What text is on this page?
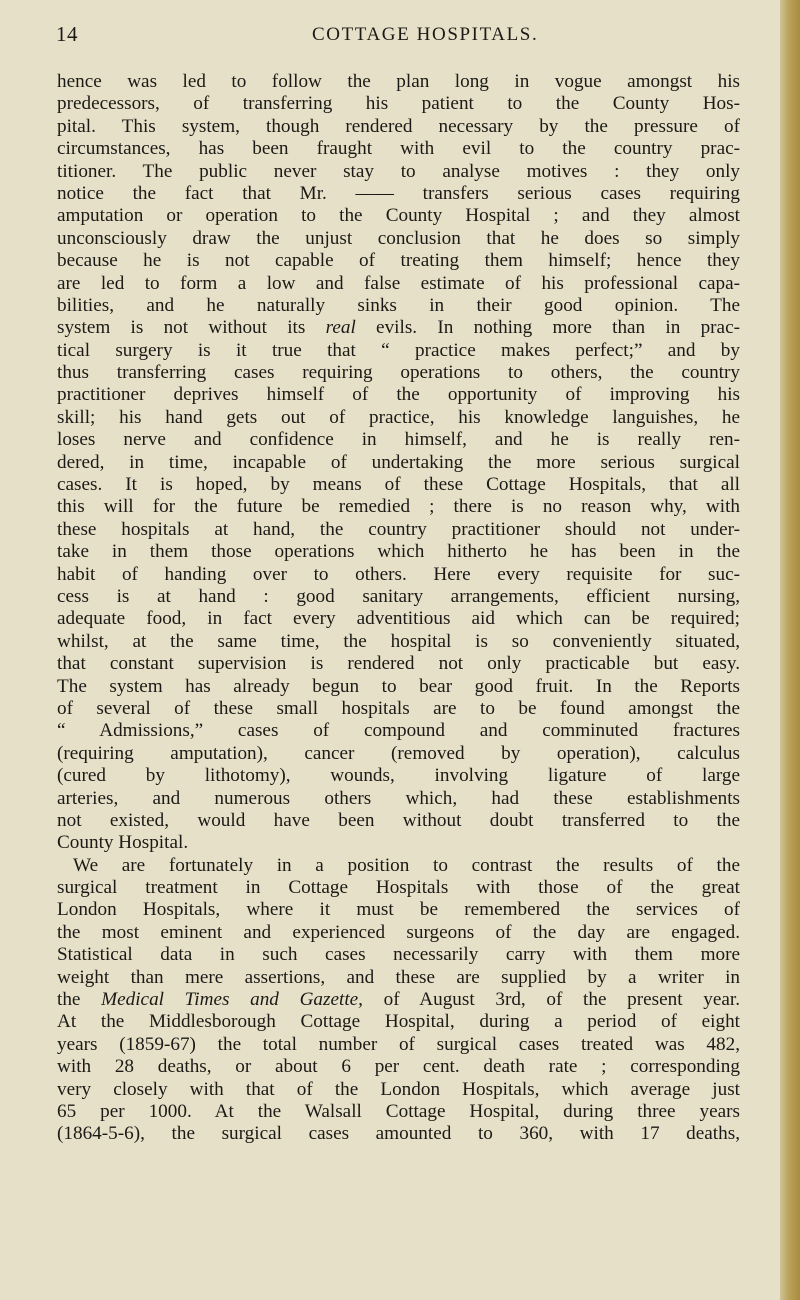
14	COTTAGE HOSPITALS.
hence was led to follow the plan long in vogue amongst his
predecessors, of transferring his patient to the County Hos-
pital. This system, though rendered necessary by the pressure of
circumstances, has been fraught with evil to the country prac-
titioner. The public never stay to analyse motives : they only
notice the fact that Mr. —— transfers serious cases requiring
amputation or operation to the County Hospital ; and they almost
unconsciously draw the unjust conclusion that he does so simply
because he is not capable of treating them himself; hence they
are led to form a low and false estimate of his professional capa-
bilities, and he naturally sinks in their good opinion. The
system is not without its real evils. In nothing more than in prac-
tical surgery is it true that “ practice makes perfect;” and by
thus transferring cases requiring operations to others, the country
practitioner deprives himself of the opportunity of improving his
skill; his hand gets out of practice, his knowledge languishes, he
loses nerve and confidence in himself, and he is really ren-
dered, in time, incapable of undertaking the more serious surgical
cases. It is hoped, by means of these Cottage Hospitals, that all
this will for the future be remedied ; there is no reason why, with
these hospitals at hand, the country practitioner should not under-
take in them those operations which hitherto he has been in the
habit of handing over to others. Here every requisite for suc-
cess is at hand : good sanitary arrangements, efficient nursing,
adequate food, in fact every adventitious aid which can be required;
whilst, at the same time, the hospital is so conveniently situated,
that constant supervision is rendered not only practicable but easy.
The system has already begun to bear good fruit. In the Reports
of several of these small hospitals are to be found amongst the
“ Admissions,” cases of compound and comminuted fractures
(requiring amputation), cancer (removed by operation), calculus
(cured by lithotomy), wounds, involving ligature of large
arteries, and numerous others which, had these establishments
not existed, would have been without doubt transferred to the
County Hospital.
We are fortunately in a position to contrast the results of the
surgical treatment in Cottage Hospitals with those of the great
London Hospitals, where it must be remembered the services of
the most eminent and experienced surgeons of the day are engaged.
Statistical data in such cases necessarily carry with them more
weight than mere assertions, and these are supplied by a writer in
the Medical Times and Gazette, of August 3rd, of the present year.
At the Middlesborough Cottage Hospital, during a period of eight
years (1859-67) the total number of surgical cases treated was 482,
with 28 deaths, or about 6 per cent. death rate ; corresponding
very closely with that of the London Hospitals, which average just
65 per 1000. At the Walsall Cottage Hospital, during three years
(1864-5-6), the surgical cases amounted to 360, with 17 deaths,
